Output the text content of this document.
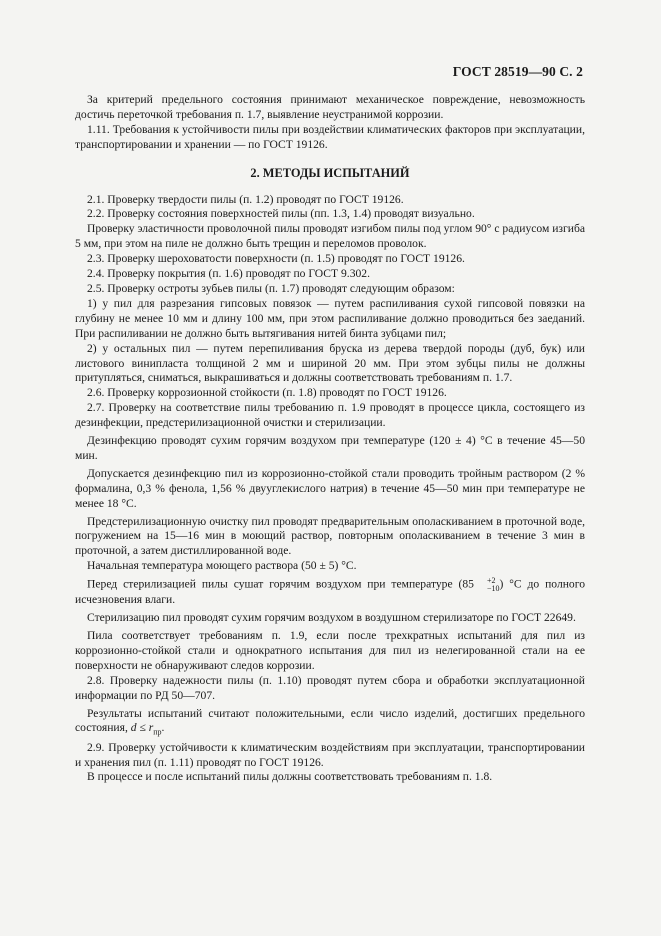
ГОСТ 28519—90 С. 2

За критерий предельного состояния принимают механическое повреждение, невозможность достичь переточкой требования п. 1.7, выявление неустранимой коррозии.

1.11. Требования к устойчивости пилы при воздействии климатических факторов при эксплуатации, транспортировании и хранении — по ГОСТ 19126.

2. МЕТОДЫ ИСПЫТАНИЙ

2.1. Проверку твердости пилы (п. 1.2) проводят по ГОСТ 19126.

2.2. Проверку состояния поверхностей пилы (пп. 1.3, 1.4) проводят визуально.

Проверку эластичности проволочной пилы проводят изгибом пилы под углом 90° с радиусом изгиба 5 мм, при этом на пиле не должно быть трещин и переломов проволок.

2.3. Проверку шероховатости поверхности (п. 1.5) проводят по ГОСТ 19126.

2.4. Проверку покрытия (п. 1.6) проводят по ГОСТ 9.302.

2.5. Проверку остроты зубьев пилы (п. 1.7) проводят следующим образом:

1) у пил для разрезания гипсовых повязок — путем распиливания сухой гипсовой повязки на глубину не менее 10 мм и длину 100 мм, при этом распиливание должно проводиться без заеданий. При распиливании не должно быть вытягивания нитей бинта зубцами пил;

2) у остальных пил — путем перепиливания бруска из дерева твердой породы (дуб, бук) или листового винипласта толщиной 2 мм и шириной 20 мм. При этом зубцы пилы не должны притупляться, сниматься, выкрашиваться и должны соответствовать требованиям п. 1.7.

2.6. Проверку коррозионной стойкости (п. 1.8) проводят по ГОСТ 19126.

2.7. Проверку на соответствие пилы требованию п. 1.9 проводят в процессе цикла, состоящего из дезинфекции, предстерилизационной очистки и стерилизации.

Дезинфекцию проводят сухим горячим воздухом при температуре (120 ± 4) °С в течение 45—50 мин.

Допускается дезинфекцию пил из коррозионно-стойкой стали проводить тройным раствором (2 % формалина, 0,3 % фенола, 1,56 % двууглекислого натрия) в течение 45—50 мин при температуре не менее 18 °С.

Предстерилизационную очистку пил проводят предварительным ополаскиванием в проточной воде, погружением на 15—16 мин в моющий раствор, повторным ополаскиванием в течение 3 мин в проточной, а затем дистиллированной воде.

Начальная температура моющего раствора (50 ± 5) °С.

Перед стерилизацией пилы сушат горячим воздухом при температуре (85	+2
−10 ) °С до полного исчезновения влаги.

Стерилизацию пил проводят сухим горячим воздухом в воздушном стерилизаторе по ГОСТ 22649.

Пила соответствует требованиям п. 1.9, если после трехкратных испытаний для пил из коррозионно-стойкой стали и однократного испытания для пил из нелегированной стали на ее поверхности не обнаруживают следов коррозии.

2.8. Проверку надежности пилы (п. 1.10) проводят путем сбора и обработки эксплуатационной информации по РД 50—707.

Результаты испытаний считают положительными, если число изделий, достигших предельного состояния, $d \le r_{пр}$.

2.9. Проверку устойчивости к климатическим воздействиям при эксплуатации, транспортировании и хранения пил (п. 1.11) проводят по ГОСТ 19126.

В процессе и после испытаний пилы должны соответствовать требованиям п. 1.8.
